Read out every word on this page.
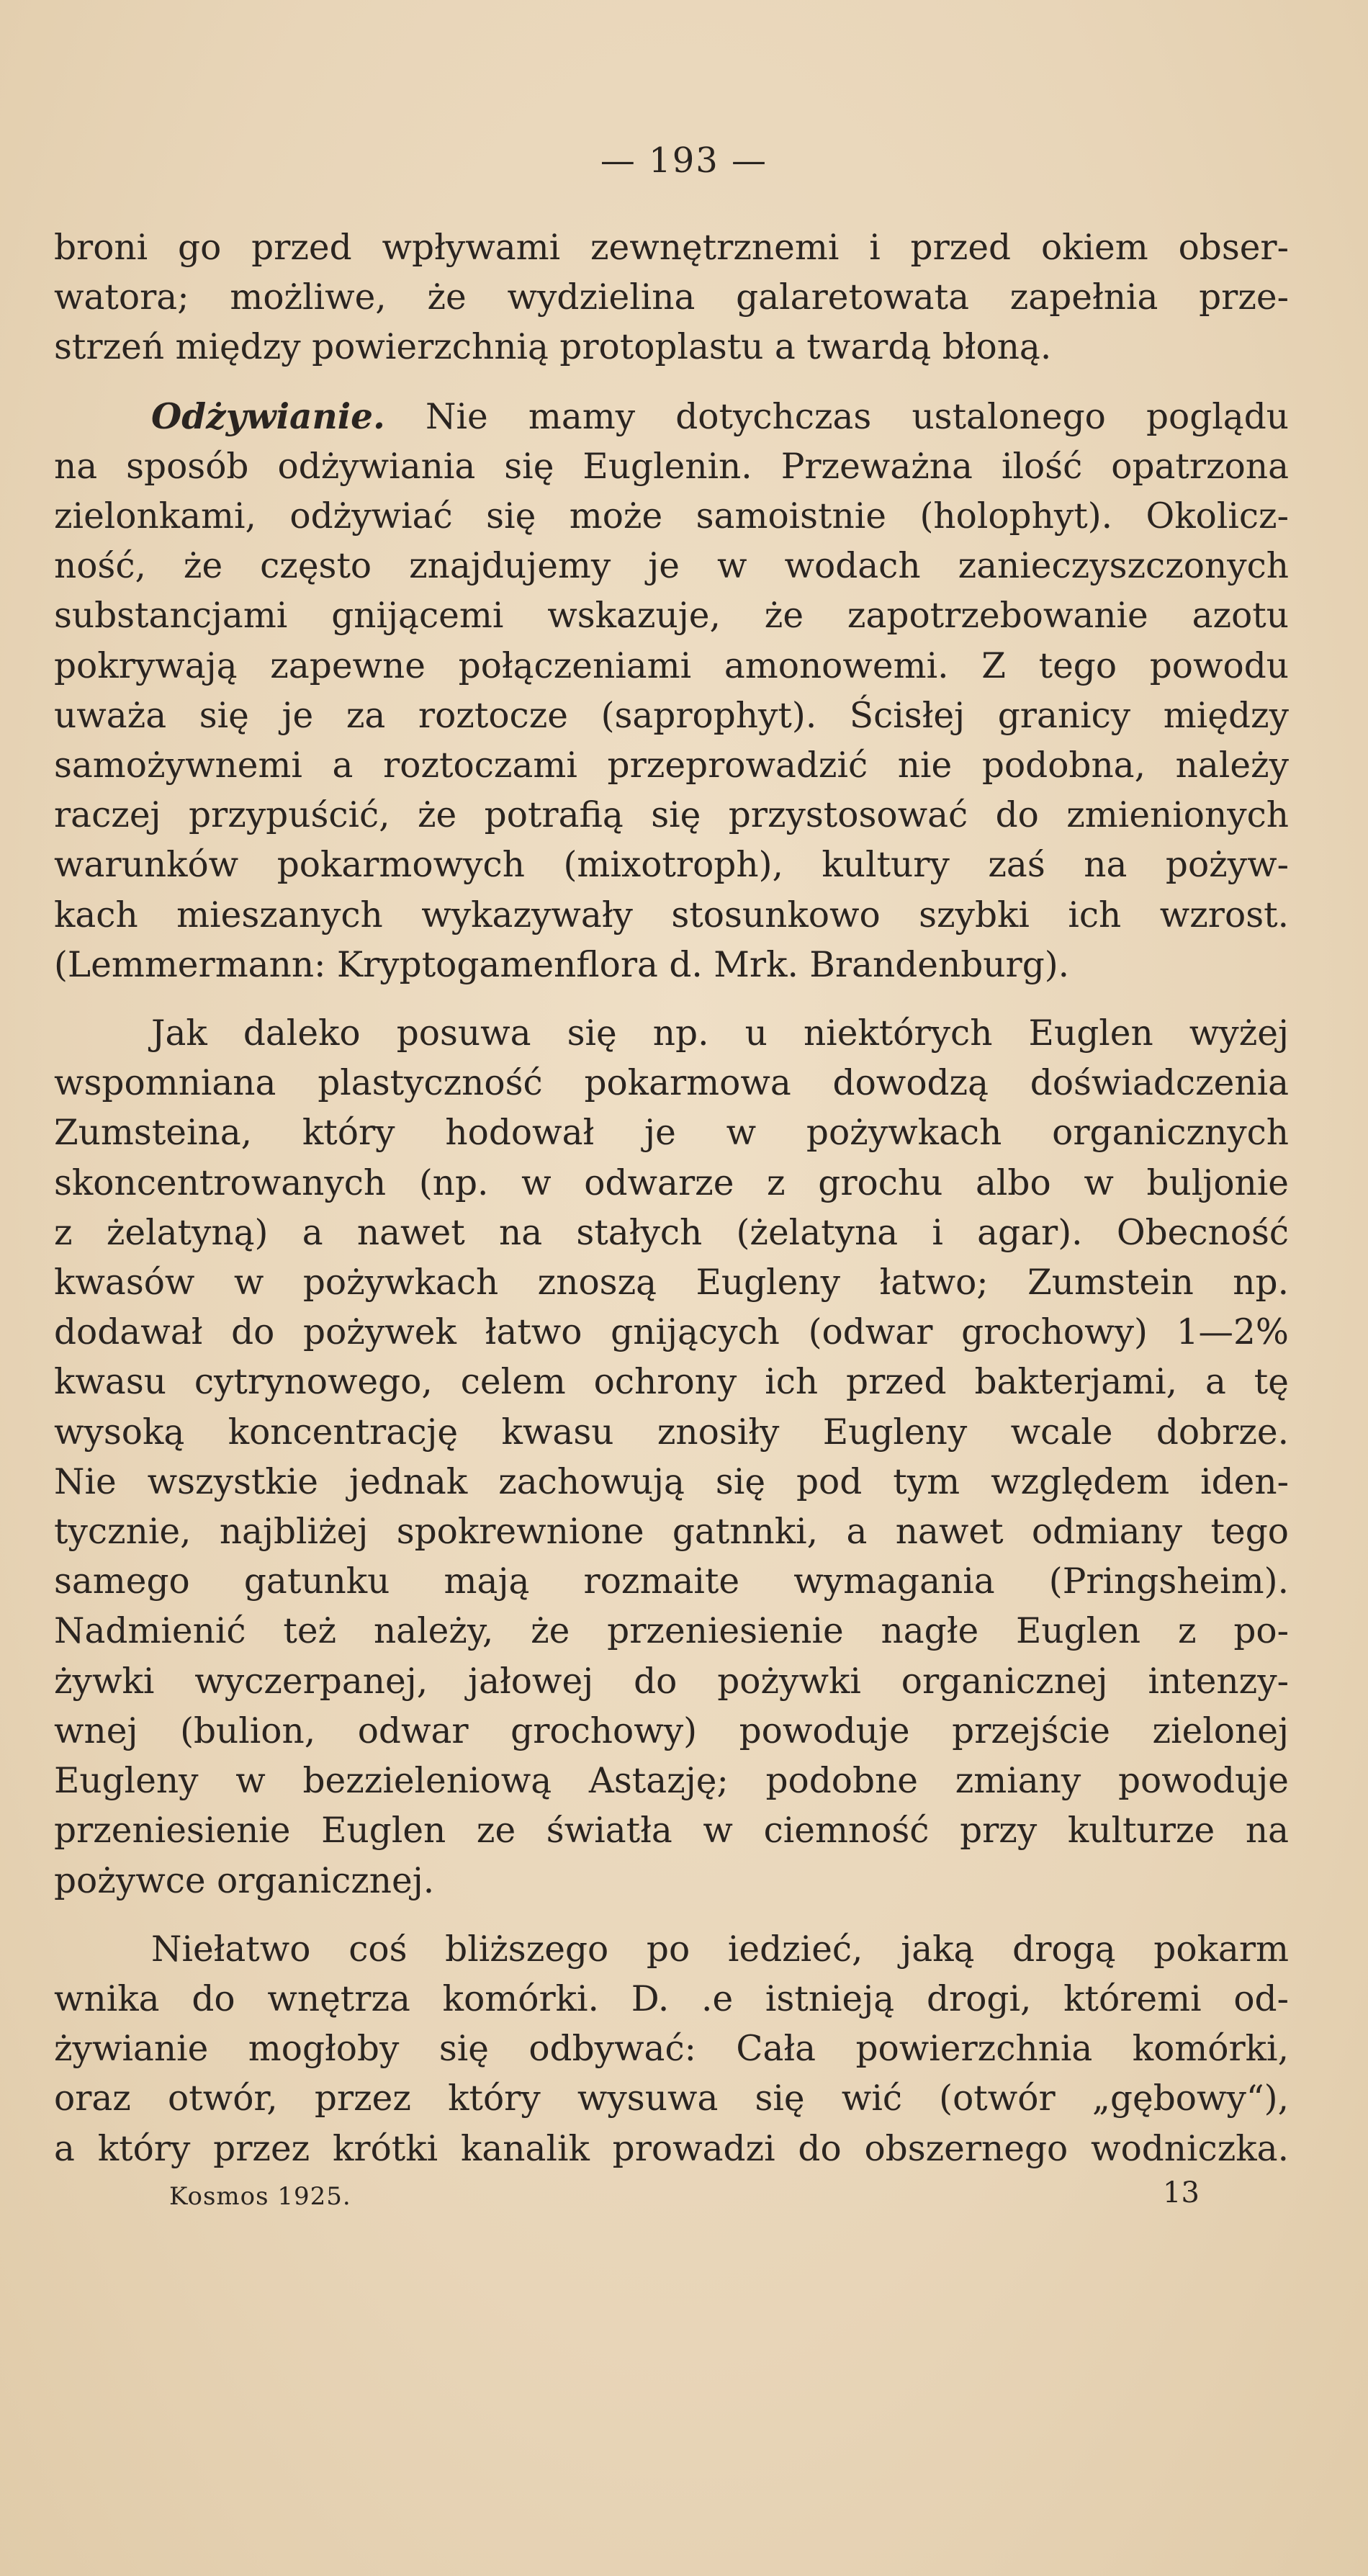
— 193 —
broni go przed wpływami zewnętrznemi i przed okiem obser-
watora; możliwe, że wydzielina galaretowata zapełnia prze-
strzeń między powierzchnią protoplastu a twardą błoną.
Odżywianie. Nie mamy dotychczas ustalonego poglądu
na sposób odżywiania się Euglenin. Przeważna ilość opatrzona
zielonkami, odżywiać się może samoistnie (holophyt). Okolicz-
ność, że często znajdujemy je w wodach zanieczyszczonych
substancjami gnijącemi wskazuje, że zapotrzebowanie azotu
pokrywają zapewne połączeniami amonowemi. Z tego powodu
uważa się je za roztocze (saprophyt). Ścisłej granicy między
samożywnemi a roztoczami przeprowadzić nie podobna, należy
raczej przypuścić, że potrafią się przystosować do zmienionych
warunków pokarmowych (mixotroph), kultury zaś na pożyw-
kach mieszanych wykazywały stosunkowo szybki ich wzrost.
(Lemmermann: Kryptogamenflora d. Mrk. Brandenburg).
Jak daleko posuwa się np. u niektórych Euglen wyżej
wspomniana plastyczność pokarmowa dowodzą doświadczenia
Zumsteina, który hodował je w pożywkach organicznych
skoncentrowanych (np. w odwarze z grochu albo w buljonie
z żelatyną) a nawet na stałych (żelatyna i agar). Obecność
kwasów w pożywkach znoszą Eugleny łatwo; Zumstein np.
dodawał do pożywek łatwo gnijących (odwar grochowy) 1—2%
kwasu cytrynowego, celem ochrony ich przed bakterjami, a tę
wysoką koncentrację kwasu znosiły Eugleny wcale dobrze.
Nie wszystkie jednak zachowują się pod tym względem iden-
tycznie, najbliżej spokrewnione gatnnki, a nawet odmiany tego
samego gatunku mają rozmaite wymagania (Pringsheim).
Nadmienić też należy, że przeniesienie nagłe Euglen z po-
żywki wyczerpanej, jałowej do pożywki organicznej intenzy-
wnej (bulion, odwar grochowy) powoduje przejście zielonej
Eugleny w bezzieleniową Astazję; podobne zmiany powoduje
przeniesienie Euglen ze światła w ciemność przy kulturze na
pożywce organicznej.
Niełatwo coś bliższego po iedzieć, jaką drogą pokarm
wnika do wnętrza komórki. D. .e istnieją drogi, któremi od-
żywianie mogłoby się odbywać: Cała powierzchnia komórki,
oraz otwór, przez który wysuwa się wić (otwór „gębowy“),
a który przez krótki kanalik prowadzi do obszernego wodniczka.
Kosmos 1925.	13
